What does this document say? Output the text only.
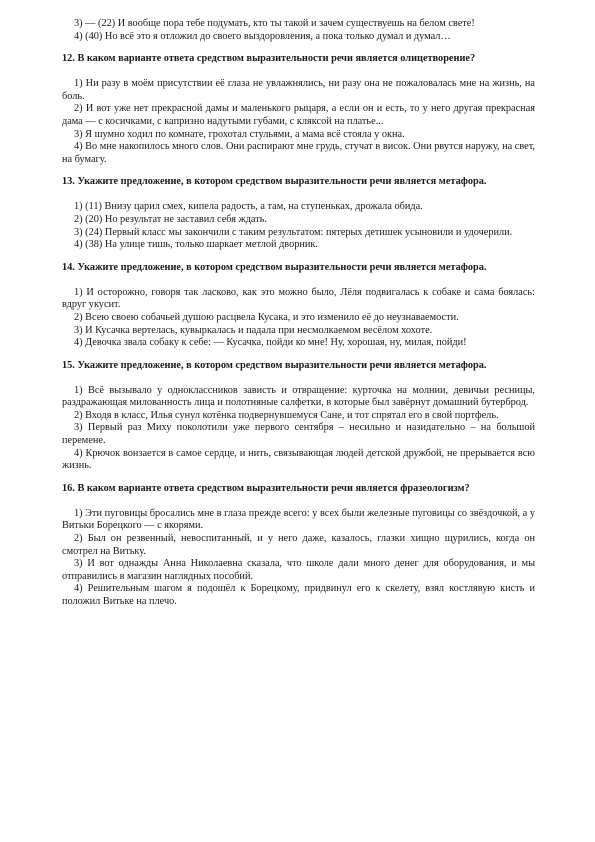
3) — (22) И вообще пора тебе подумать, кто ты такой и зачем существуешь на белом свете!

4) (40) Но всё это я отложил до своего выздоровления, а пока только думал и думал…

12. В каком варианте ответа средством выразительности речи является олицетворение?

1) Ни разу в моём присутствии её глаза не увлажнялись, ни разу она не пожаловалась мне на жизнь, на боль.

2) И вот уже нет прекрасной дамы и маленького рыцаря, а если он и есть, то у него другая прекрасная дама — с косичками, с капризно надутыми губами, с кляксой на платье...

3) Я шумно ходил по комнате, грохотал стульями, а мама всё стояла у окна.

4) Во мне накопилось много слов. Они распирают мне грудь, стучат в висок. Они рвутся наружу, на свет, на бумагу.

13. Укажите предложение, в котором средством выразительности речи является метафора.

1) (11) Внизу царил смех, кипела радость, а там, на ступеньках, дрожала обида.

2) (20) Но результат не заставил себя ждать.

3) (24) Первый класс мы закончили с таким результатом: пятерых детишек усыновили и удочерили.

4) (38) На улице тишь, только шаркает метлой дворник.

14. Укажите предложение, в котором средством выразительности речи является метафора.

1) И осторожно, говоря так ласково, как это можно было, Лёля подвигалась к собаке и сама боялась: вдруг укусит.

2) Всею своею собачьей душою расцвела Кусака, и это изменило её до неузнаваемости.

3) И Кусачка вертелась, кувыркалась и падала при несмолкаемом весёлом хохоте.

4) Девочка звала собаку к себе: — Кусачка, пойди ко мне! Ну, хорошая, ну, милая, пойди!

15. Укажите предложение, в котором средством выразительности речи является метафора.

1) Всё вызывало у одноклассников зависть и отвращение: курточка на молнии, девичьи ресницы, раздражающая милованность лица и полотняные салфетки, в которые был завёрнут домашний бутерброд.

2) Входя в класс, Илья сунул котёнка подвернувшемуся Сане, и тот спрятал его в свой портфель.

3) Первый раз Миху поколотили уже первого сентября – несильно и назидательно – на большой перемене.

4) Крючок вонзается в самое сердце, и нить, связывающая людей детской дружбой, не прерывается всю жизнь.

16. В каком варианте ответа средством выразительности речи является фразеологизм?

1) Эти пуговицы бросались мне в глаза прежде всего: у всех были железные пуговицы со звёздочкой, а у Витьки Борецкого — с якорями.

2) Был он резвенный, невоспитанный, и у него даже, казалось, глазки хищно щурились, когда он смотрел на Витьку.

3) И вот однажды Анна Николаевна сказала, что школе дали много денег для оборудования, и мы отправились в магазин наглядных пособий.

4) Решительным шагом я подошёл к Борецкому, придвинул его к скелету, взял костлявую кисть и положил Витьке на плечо.
